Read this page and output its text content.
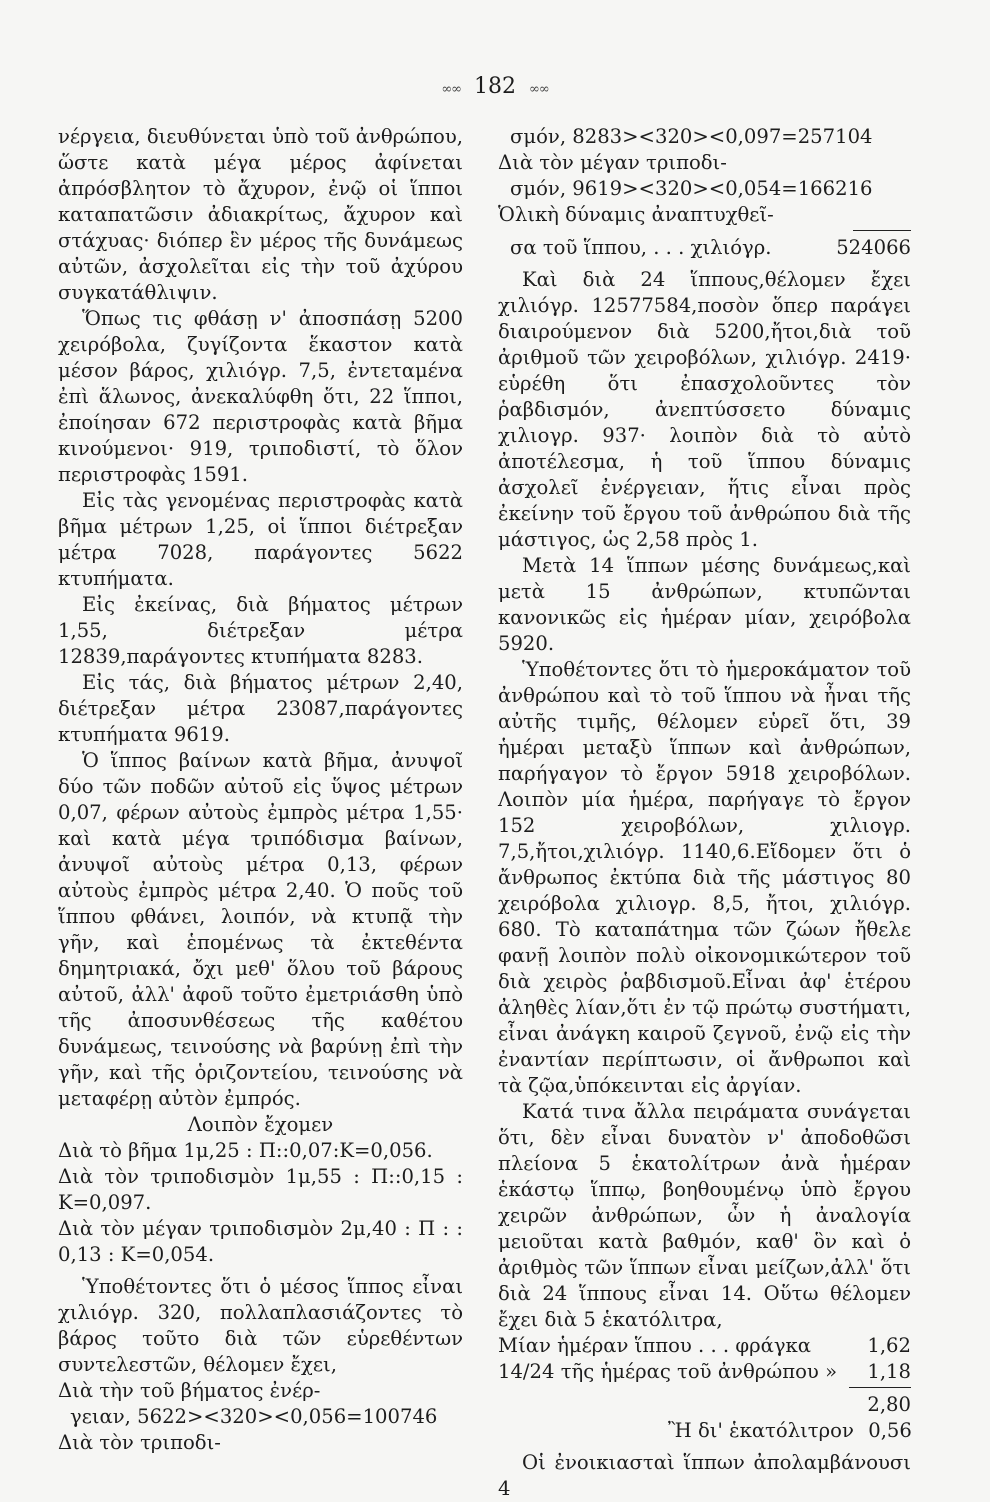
∞∞ 182 ∞∞

νέργεια, διευθύνεται ὑπὸ τοῦ ἀνθρώπου, ὥστε κατὰ μέγα μέρος ἀφίνεται ἀπρόσβλητον τὸ ἄχυρον, ἐνῷ οἱ ἵπποι καταπατῶσιν ἀδιακρίτως, ἄχυρον καὶ στάχυας· διόπερ ἓν μέρος τῆς δυνάμεως αὐτῶν, ἀσχολεῖται εἰς τὴν τοῦ ἀχύρου συγκατάθλιψιν.

Ὅπως τις φθάσῃ ν' ἀποσπάσῃ 5200 χειρόβολα, ζυγίζοντα ἕκαστον κατὰ μέσον βάρος, χιλιόγρ. 7,5, ἐντεταμένα ἐπὶ ἅλωνος, ἀνεκαλύφθη ὅτι, 22 ἵπποι, ἐποίησαν 672 περιστροφὰς κατὰ βῆμα κινούμενοι· 919, τριποδιστί, τὸ ὅλον περιστροφὰς 1591.

Εἰς τὰς γενομένας περιστροφὰς κατὰ βῆμα μέτρων 1,25, οἱ ἵπποι διέτρεξαν μέτρα 7028, παράγοντες 5622 κτυπήματα.

Εἰς ἐκείνας, διὰ βήματος μέτρων 1,55, διέτρεξαν μέτρα 12839,παράγοντες κτυπήματα 8283.

Εἰς τάς, διὰ βήματος μέτρων 2,40, διέτρεξαν μέτρα 23087,παράγοντες κτυπήματα 9619.

Ὁ ἵππος βαίνων κατὰ βῆμα, ἀνυψοῖ δύο τῶν ποδῶν αὐτοῦ εἰς ὕψος μέτρων 0,07, φέρων αὐτοὺς ἐμπρὸς μέτρα 1,55· καὶ κατὰ μέγα τριπόδισμα βαίνων, ἀνυψοῖ αὐτοὺς μέτρα 0,13, φέρων αὐτοὺς ἐμπρὸς μέτρα 2,40. Ὁ ποῦς τοῦ ἵππου φθάνει, λοιπόν, νὰ κτυπᾷ τὴν γῆν, καὶ ἑπομένως τὰ ἐκτεθέντα δημητριακά, ὄχι μεθ' ὅλου τοῦ βάρους αὐτοῦ, ἀλλ' ἀφοῦ τοῦτο ἐμετριάσθη ὑπὸ τῆς ἀποσυνθέσεως τῆς καθέτου δυνάμεως, τεινούσης νὰ βαρύνῃ ἐπὶ τὴν γῆν, καὶ τῆς ὁριζοντείου, τεινούσης νὰ μεταφέρῃ αὐτὸν ἐμπρός.

Λοιπὸν ἔχομεν

Διὰ τὸ βῆμα 1μ,25 : Π::0,07:Κ=0,056.

Διὰ τὸν τριποδισμὸν 1μ,55 : Π::0,15 : Κ=0,097.

Διὰ τὸν μέγαν τριποδισμὸν 2μ,40 : Π : : 0,13 : Κ=0,054.

Ὑποθέτοντες ὅτι ὁ μέσος ἵππος εἶναι χιλιόγρ. 320, πολλαπλασιάζοντες τὸ βάρος τοῦτο διὰ τῶν εὑρεθέντων συντελεστῶν, θέλομεν ἔχει,

Διὰ τὴν τοῦ βήματος ἐνέρ-

γειαν, 5622><320><0,056=100746

Διὰ τὸν τριποδι-

σμόν, 8283><320><0,097=257104

Διὰ τὸν μέγαν τριποδι-

σμόν, 9619><320><0,054=166216

Ὁλικὴ δύναμις ἀναπτυχθεῖ-

σα τοῦ ἵππου, . . . χιλιόγρ.	524066

Καὶ διὰ 24 ἵππους,θέλομεν ἔχει χιλιόγρ. 12577584,ποσὸν ὅπερ παράγει διαιρούμενον διὰ 5200,ἤτοι,διὰ τοῦ ἀριθμοῦ τῶν χειροβόλων, χιλιόγρ. 2419· εὑρέθη ὅτι ἐπασχολοῦντες τὸν ῥαβδισμόν, ἀνεπτύσσετο δύναμις χιλιογρ. 937· λοιπὸν διὰ τὸ αὐτὸ ἀποτέλεσμα, ἡ τοῦ ἵππου δύναμις ἀσχολεῖ ἐνέργειαν, ἥτις εἶναι πρὸς ἐκείνην τοῦ ἔργου τοῦ ἀνθρώπου διὰ τῆς μάστιγος, ὡς 2,58 πρὸς 1.

Μετὰ 14 ἵππων μέσης δυνάμεως,καὶ μετὰ 15 ἀνθρώπων, κτυπῶνται κανονικῶς εἰς ἡμέραν μίαν, χειρόβολα 5920.

Ὑποθέτοντες ὅτι τὸ ἡμεροκάματον τοῦ ἀνθρώπου καὶ τὸ τοῦ ἵππου νὰ ἦναι τῆς αὐτῆς τιμῆς, θέλομεν εὑρεῖ ὅτι, 39 ἡμέραι μεταξὺ ἵππων καὶ ἀνθρώπων, παρήγαγον τὸ ἔργον 5918 χειροβόλων. Λοιπὸν μία ἡμέρα, παρήγαγε τὸ ἔργον 152 χειροβόλων, χιλιογρ. 7,5,ἤτοι,χιλιόγρ. 1140,6.Εἴδομεν ὅτι ὁ ἄνθρωπος ἐκτύπα διὰ τῆς μάστιγος 80 χειρόβολα χιλιογρ. 8,5, ἤτοι, χιλιόγρ. 680. Τὸ καταπάτημα τῶν ζώων ἤθελε φανῇ λοιπὸν πολὺ οἰκονομικώτερον τοῦ διὰ χειρὸς ῥαβδισμοῦ.Εἶναι ἀφ' ἑτέρου ἀληθὲς λίαν,ὅτι ἐν τῷ πρώτῳ συστήματι, εἶναι ἀνάγκη καιροῦ ζεγνοῦ, ἐνῷ εἰς τὴν ἐναντίαν περίπτωσιν, οἱ ἄνθρωποι καὶ τὰ ζῷα,ὑπόκεινται εἰς ἀργίαν.

Κατά τινα ἄλλα πειράματα συνάγεται ὅτι, δὲν εἶναι δυνατὸν ν' ἀποδοθῶσι πλείονα 5 ἑκατολίτρων ἀνὰ ἡμέραν ἑκάστῳ ἵππῳ, βοηθουμένῳ ὑπὸ ἔργου χειρῶν ἀνθρώπων, ὧν ἡ ἀναλογία μειοῦται κατὰ βαθμόν, καθ' ὃν καὶ ὁ ἀριθμὸς τῶν ἵππων εἶναι μείζων,ἀλλ' ὅτι διὰ 24 ἵππους εἶναι 14. Οὕτω θέλομεν ἔχει διὰ 5 ἑκατόλιτρα,

Μίαν ἡμέραν ἵππου . . . φράγκα	1,62
14/24 τῆς ἡμέρας τοῦ ἀνθρώπου »	1,18
2,80
Ἢ δι' ἑκατόλιτρον 0,56

Οἱ ἐνοικιασταὶ ἵππων ἀπολαμβάνουσι 4
